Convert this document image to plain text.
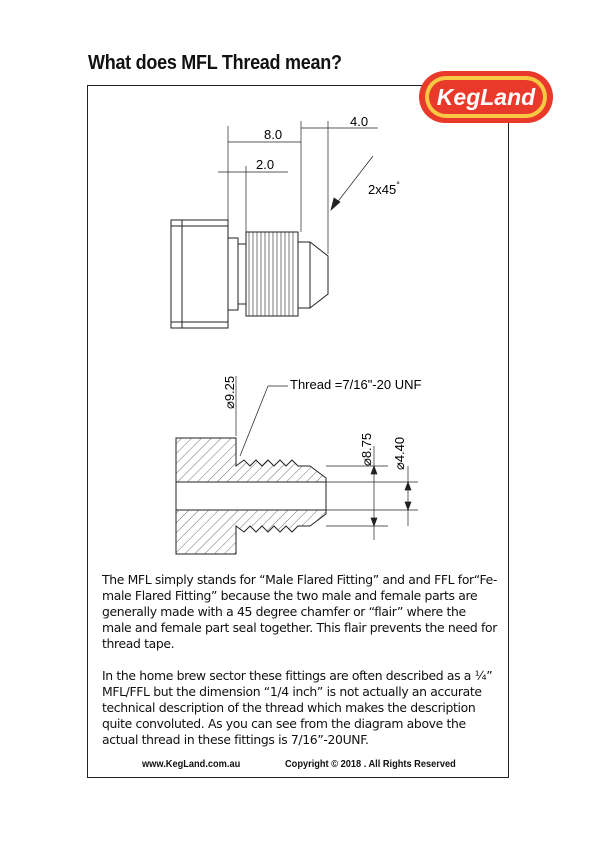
What does MFL Thread mean?
KegLand
8.0
4.0
2.0
2x45°
⌀9.25	Thread =7/16"-20 UNF
⌀8.75
⌀4.40

The MFL simply stands for “Male Flared Fitting” and and FFL for“Fe-male Flared Fitting” because the two male and female parts are generally made with a 45 degree chamfer or “flair” where the male and female part seal together. This flair prevents the need for thread tape.

In the home brew sector these fittings are often described as a ¼” MFL/FFL but the dimension “1/4 inch” is not actually an accurate technical description of the thread which makes the description quite convoluted. As you can see from the diagram above the actual thread in these fittings is 7/16”-20UNF.

www.KegLand.com.au	Copyright © 2018 . All Rights Reserved
